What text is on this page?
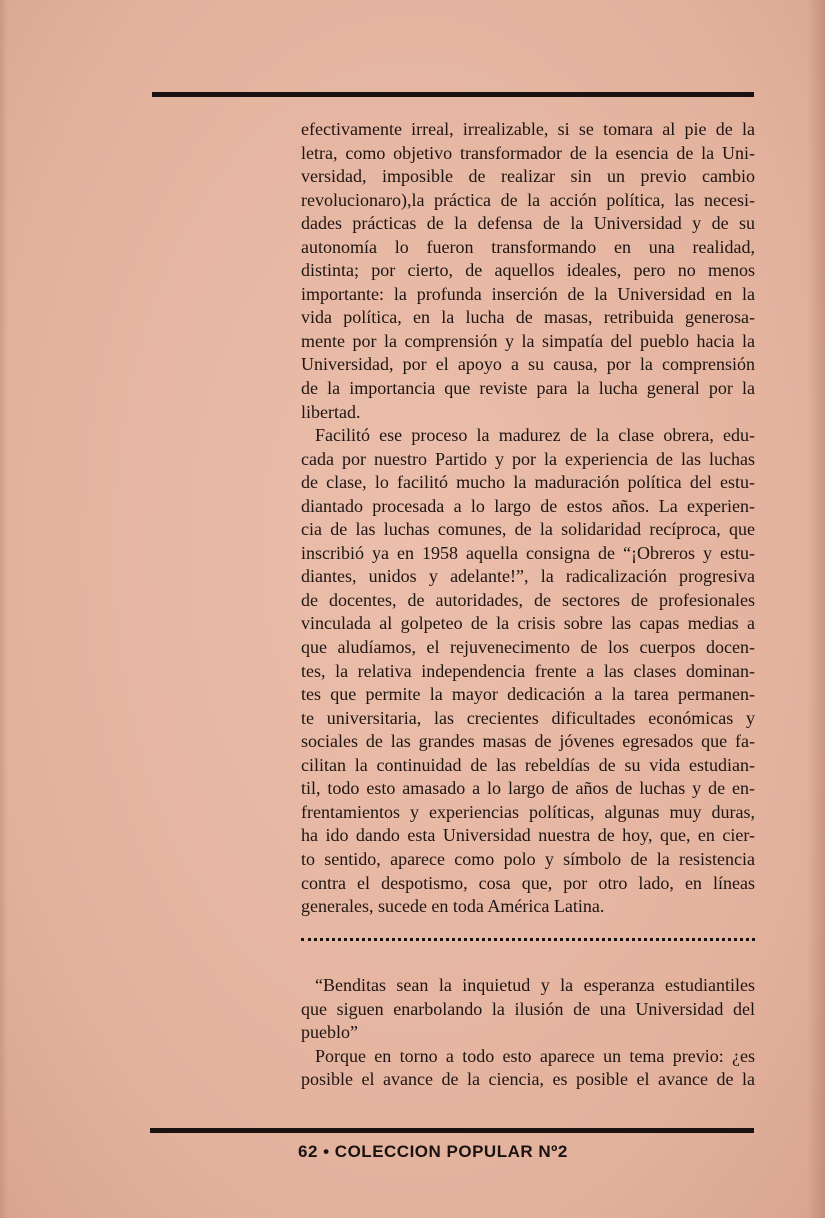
efectivamente irreal, irrealizable, si se tomara al pie de la
letra, como objetivo transformador de la esencia de la Uni-
versidad, imposible de realizar sin un previo cambio
revolucionaro),la práctica de la acción política, las necesi-
dades prácticas de la defensa de la Universidad y de su
autonomía lo fueron transformando en una realidad,
distinta; por cierto, de aquellos ideales, pero no menos
importante: la profunda inserción de la Universidad en la
vida política, en la lucha de masas, retribuida generosa-
mente por la comprensión y la simpatía del pueblo hacia la
Universidad, por el apoyo a su causa, por la comprensión
de la importancia que reviste para la lucha general por la
libertad.

Facilitó ese proceso la madurez de la clase obrera, edu-
cada por nuestro Partido y por la experiencia de las luchas
de clase, lo facilitó mucho la maduración política del estu-
diantado procesada a lo largo de estos años. La experien-
cia de las luchas comunes, de la solidaridad recíproca, que
inscribió ya en 1958 aquella consigna de “¡Obreros y estu-
diantes, unidos y adelante!”, la radicalización progresiva
de docentes, de autoridades, de sectores de profesionales
vinculada al golpeteo de la crisis sobre las capas medias a
que aludíamos, el rejuvenecimento de los cuerpos docen-
tes, la relativa independencia frente a las clases dominan-
tes que permite la mayor dedicación a la tarea permanen-
te universitaria, las crecientes dificultades económicas y
sociales de las grandes masas de jóvenes egresados que fa-
cilitan la continuidad de las rebeldías de su vida estudian-
til, todo esto amasado a lo largo de años de luchas y de en-
frentamientos y experiencias políticas, algunas muy duras,
ha ido dando esta Universidad nuestra de hoy, que, en cier-
to sentido, aparece como polo y símbolo de la resistencia
contra el despotismo, cosa que, por otro lado, en líneas
generales, sucede en toda América Latina.

“Benditas sean la inquietud y la esperanza estudiantiles
que siguen enarbolando la ilusión de una Universidad del
pueblo”

Porque en torno a todo esto aparece un tema previo: ¿es
posible el avance de la ciencia, es posible el avance de la

62 • COLECCION POPULAR Nº2
